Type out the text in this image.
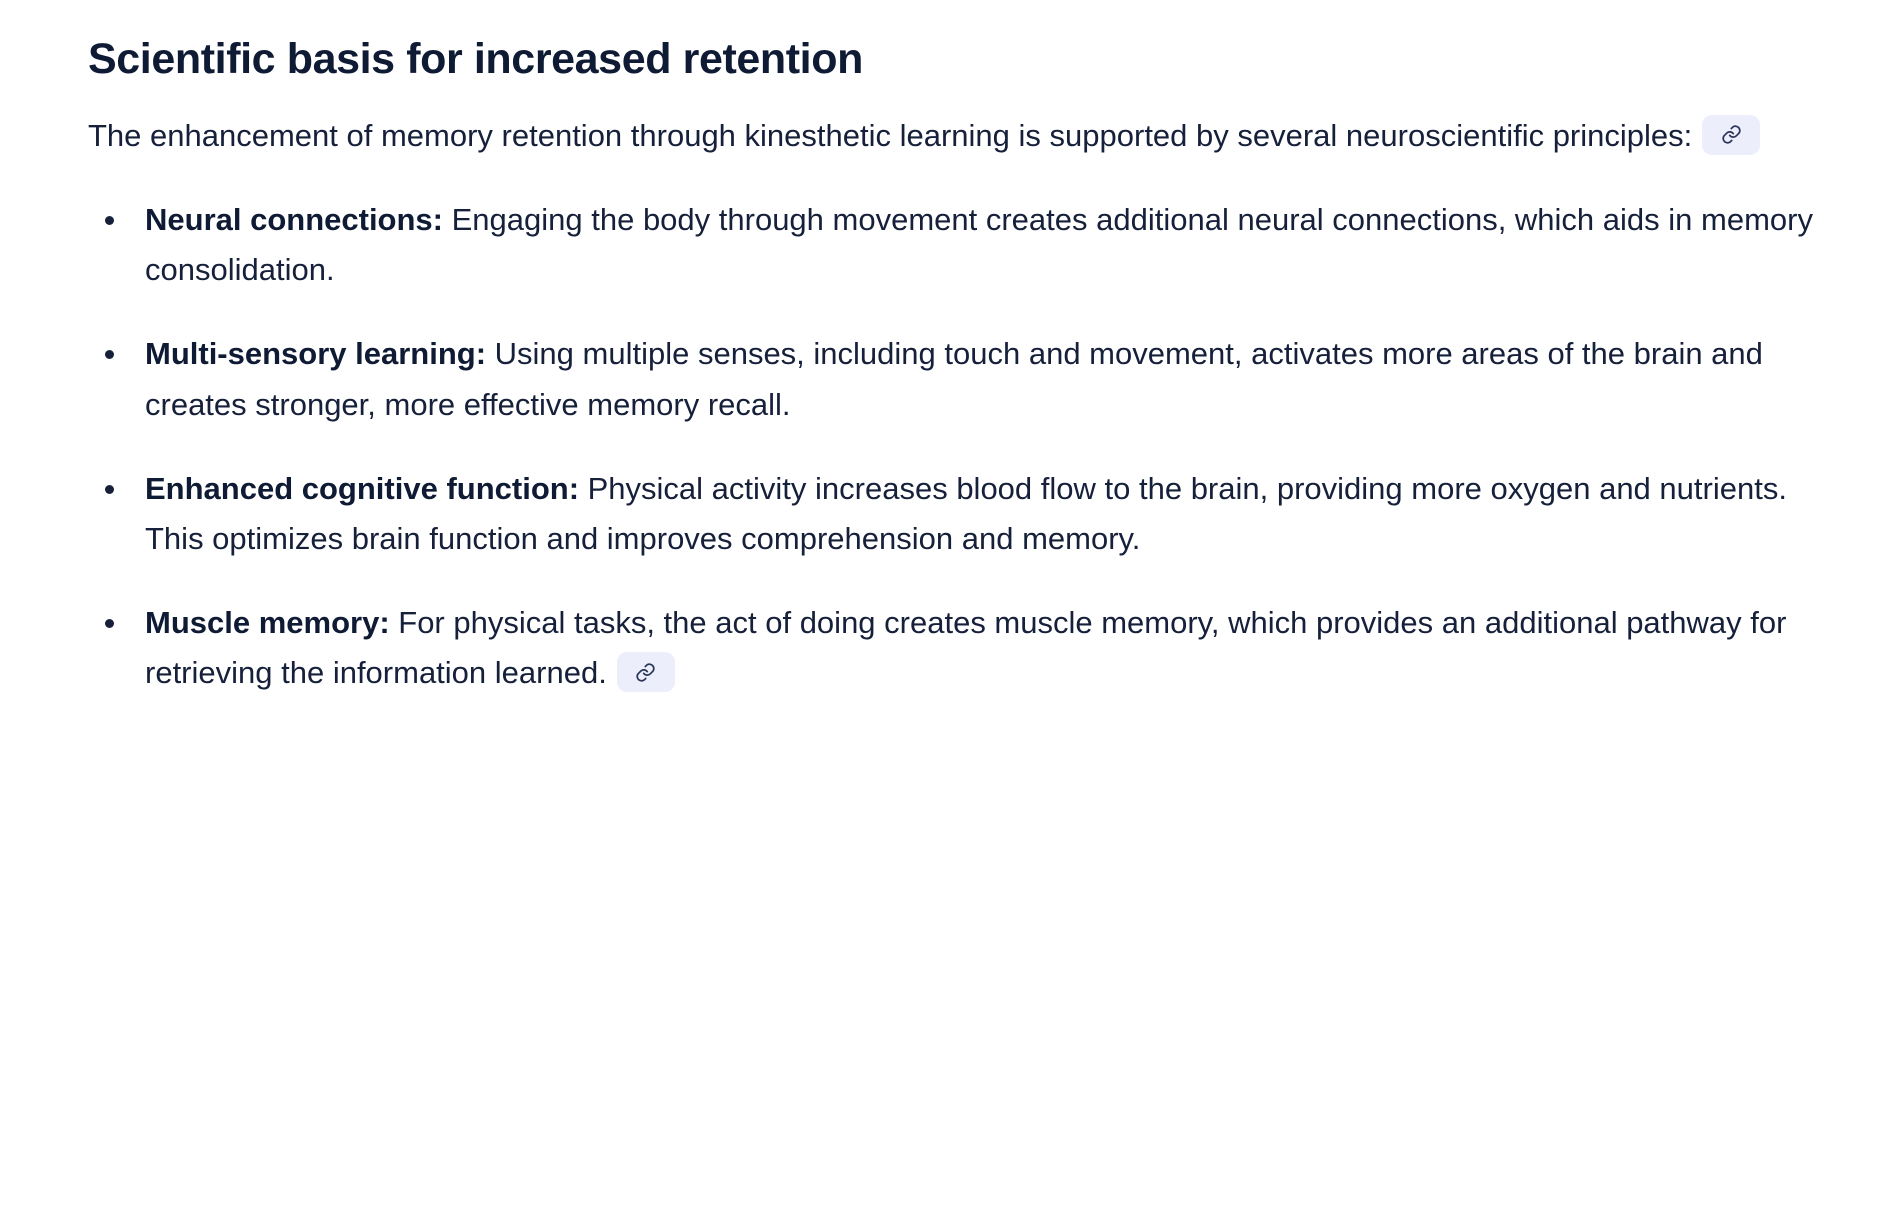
Scientific basis for increased retention

The enhancement of memory retention through kinesthetic learning is supported by several neuroscientific principles:

Neural connections: Engaging the body through movement creates additional neural connections, which aids in memory consolidation.
Multi-sensory learning: Using multiple senses, including touch and movement, activates more areas of the brain and creates stronger, more effective memory recall.
Enhanced cognitive function: Physical activity increases blood flow to the brain, providing more oxygen and nutrients. This optimizes brain function and improves comprehension and memory.
Muscle memory: For physical tasks, the act of doing creates muscle memory, which provides an additional pathway for retrieving the information learned.
